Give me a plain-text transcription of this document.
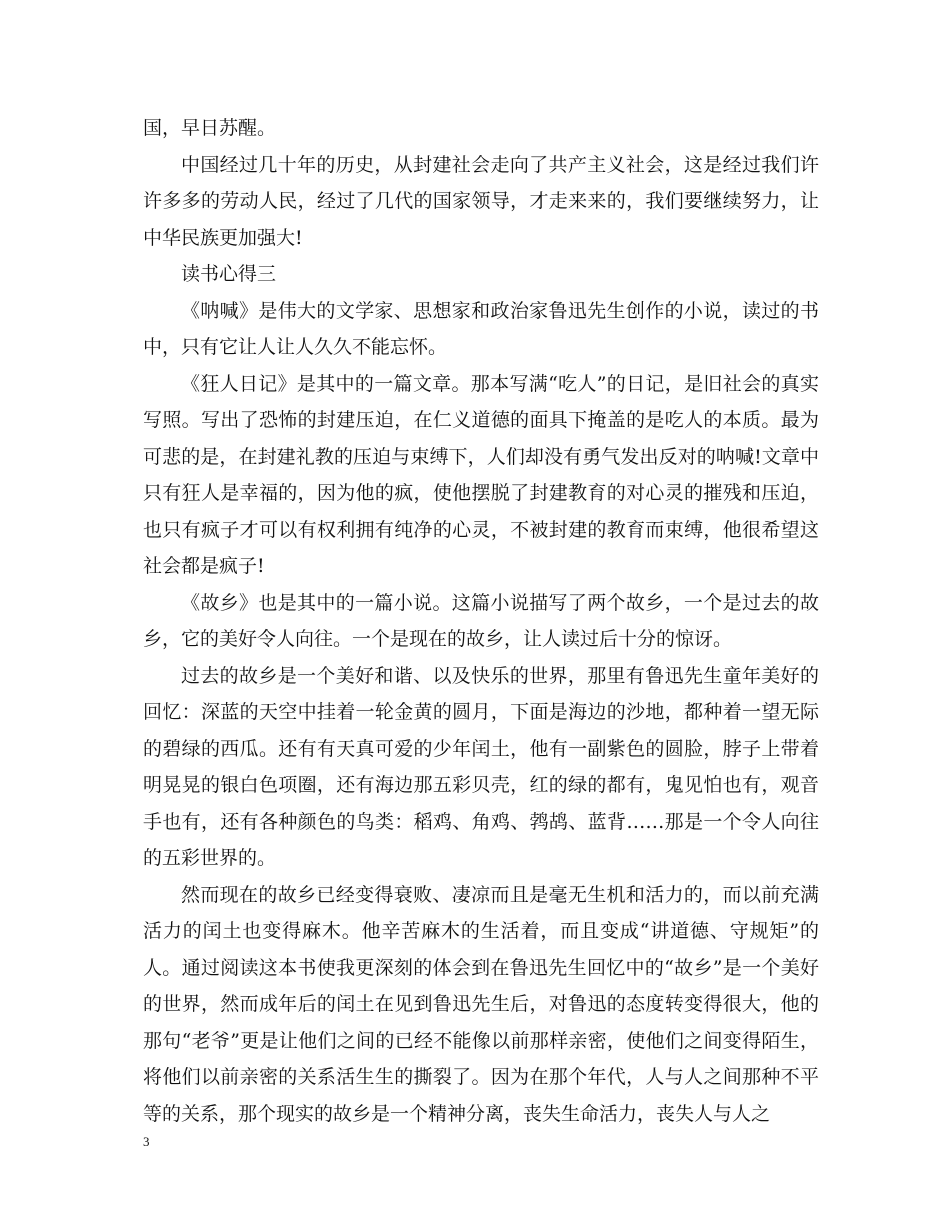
国，早日苏醒。

中国经过几十年的历史，从封建社会走向了共产主义社会，这是经过我们许许多多的劳动人民，经过了几代的国家领导，才走来来的，我们要继续努力，让中华民族更加强大!

读书心得三

《呐喊》是伟大的文学家、思想家和政治家鲁迅先生创作的小说，读过的书中，只有它让人让人久久不能忘怀。

《狂人日记》是其中的一篇文章。那本写满“吃人”的日记，是旧社会的真实写照。写出了恐怖的封建压迫，在仁义道德的面具下掩盖的是吃人的本质。最为可悲的是，在封建礼教的压迫与束缚下，人们却没有勇气发出反对的呐喊!文章中只有狂人是幸福的，因为他的疯，使他摆脱了封建教育的对心灵的摧残和压迫，也只有疯子才可以有权利拥有纯净的心灵，不被封建的教育而束缚，他很希望这社会都是疯子!

《故乡》也是其中的一篇小说。这篇小说描写了两个故乡，一个是过去的故乡，它的美好令人向往。一个是现在的故乡，让人读过后十分的惊讶。

过去的故乡是一个美好和谐、以及快乐的世界，那里有鲁迅先生童年美好的回忆：深蓝的天空中挂着一轮金黄的圆月，下面是海边的沙地，都种着一望无际的碧绿的西瓜。还有有天真可爱的少年闰土，他有一副紫色的圆脸，脖子上带着明晃晃的银白色项圈，还有海边那五彩贝壳，红的绿的都有，鬼见怕也有，观音手也有，还有各种颜色的鸟类：稻鸡、角鸡、鹁鸪、蓝背……那是一个令人向往的五彩世界的。

然而现在的故乡已经变得衰败、凄凉而且是毫无生机和活力的，而以前充满活力的闰土也变得麻木。他辛苦麻木的生活着，而且变成“讲道德、守规矩”的人。通过阅读这本书使我更深刻的体会到在鲁迅先生回忆中的“故乡”是一个美好的世界，然而成年后的闰土在见到鲁迅先生后，对鲁迅的态度转变得很大，他的那句“老爷”更是让他们之间的已经不能像以前那样亲密，使他们之间变得陌生，将他们以前亲密的关系活生生的撕裂了。因为在那个年代，人与人之间那种不平等的关系，那个现实的故乡是一个精神分离，丧失生命活力，丧失人与人之

3
